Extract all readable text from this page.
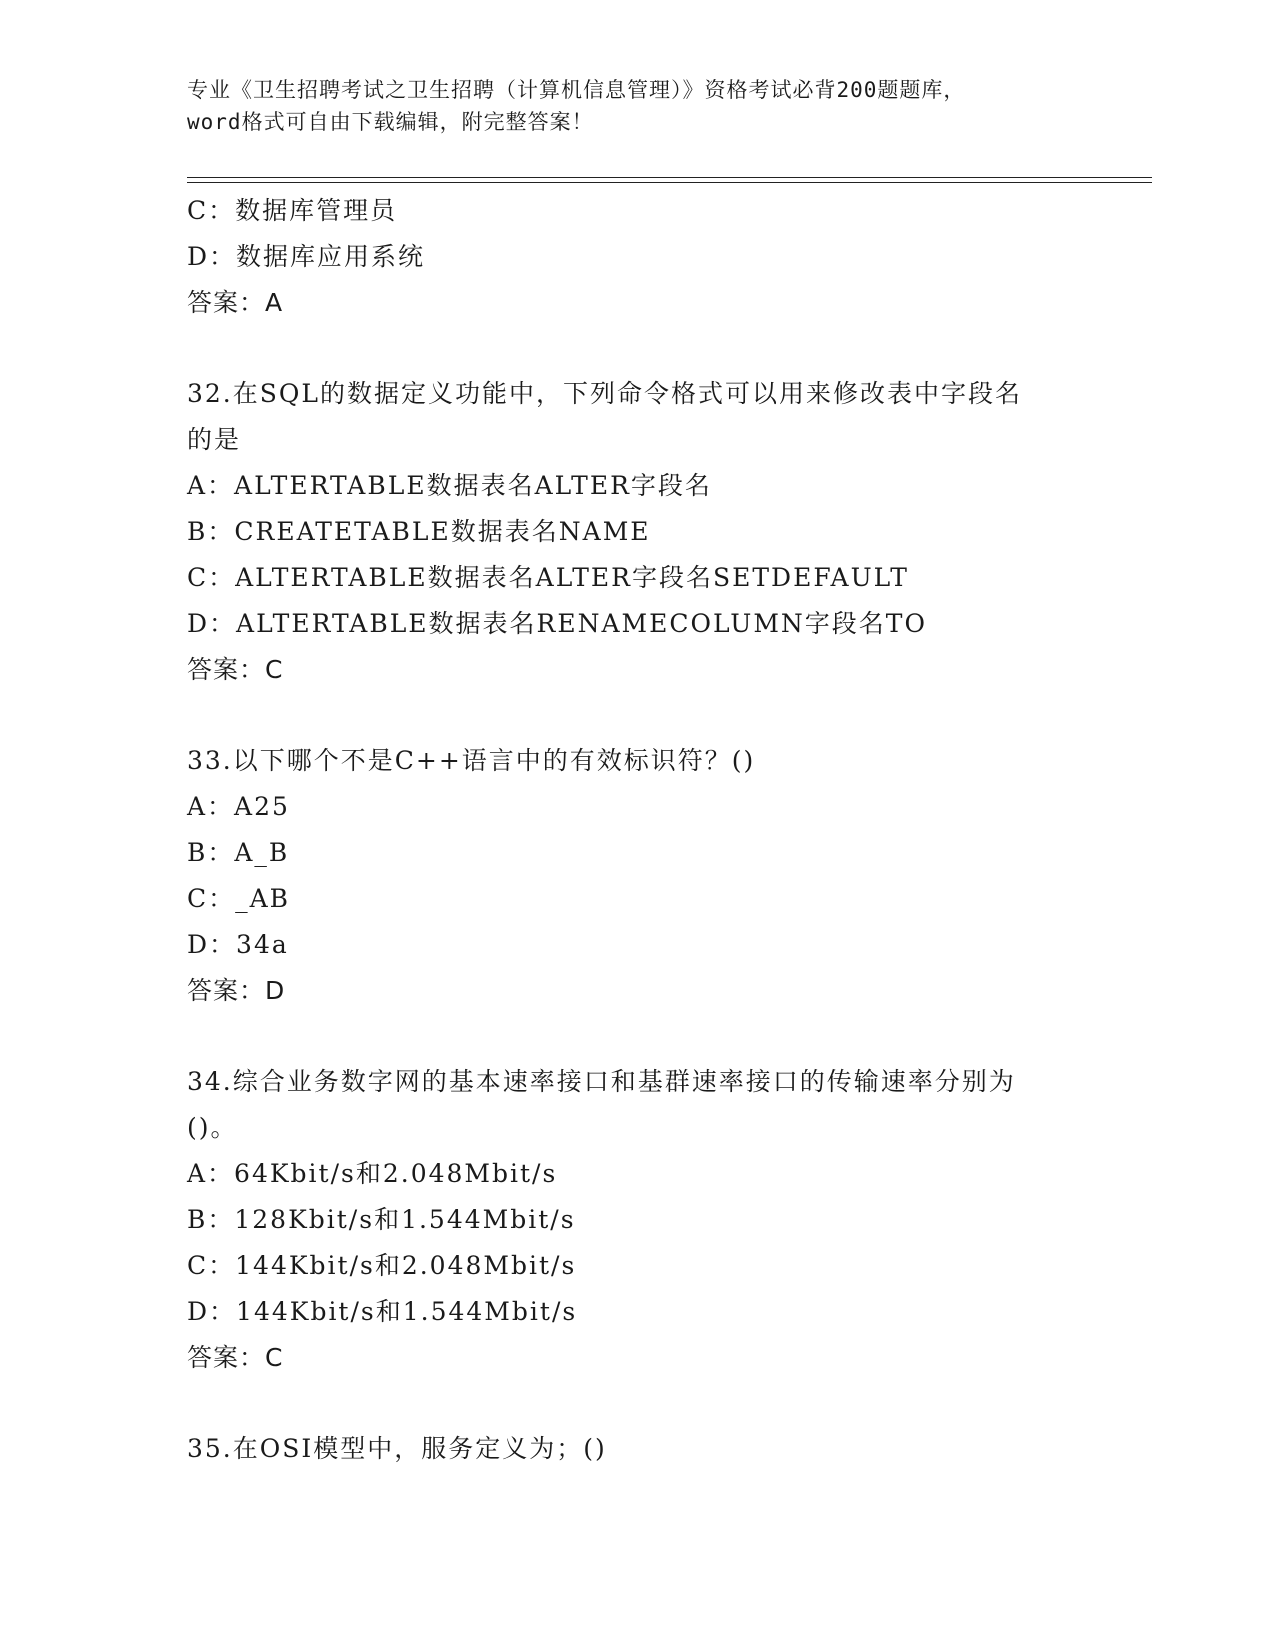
专业《卫生招聘考试之卫生招聘（计算机信息管理）》资格考试必背200题题库，
word格式可自由下载编辑，附完整答案！
C：数据库管理员
D：数据库应用系统
答案：A
32.在SQL的数据定义功能中，下列命令格式可以用来修改表中字段名
的是
A：ALTERTABLE数据表名ALTER字段名
B：CREATETABLE数据表名NAME
C：ALTERTABLE数据表名ALTER字段名SETDEFAULT
D：ALTERTABLE数据表名RENAMECOLUMN字段名TO
答案：C
33.以下哪个不是C++语言中的有效标识符？()
A：A25
B：A_B
C：_AB
D：34a
答案：D
34.综合业务数字网的基本速率接口和基群速率接口的传输速率分别为
()。
A：64Kbit/s和2.048Mbit/s
B：128Kbit/s和1.544Mbit/s
C：144Kbit/s和2.048Mbit/s
D：144Kbit/s和1.544Mbit/s
答案：C
35.在OSI模型中，服务定义为；()
